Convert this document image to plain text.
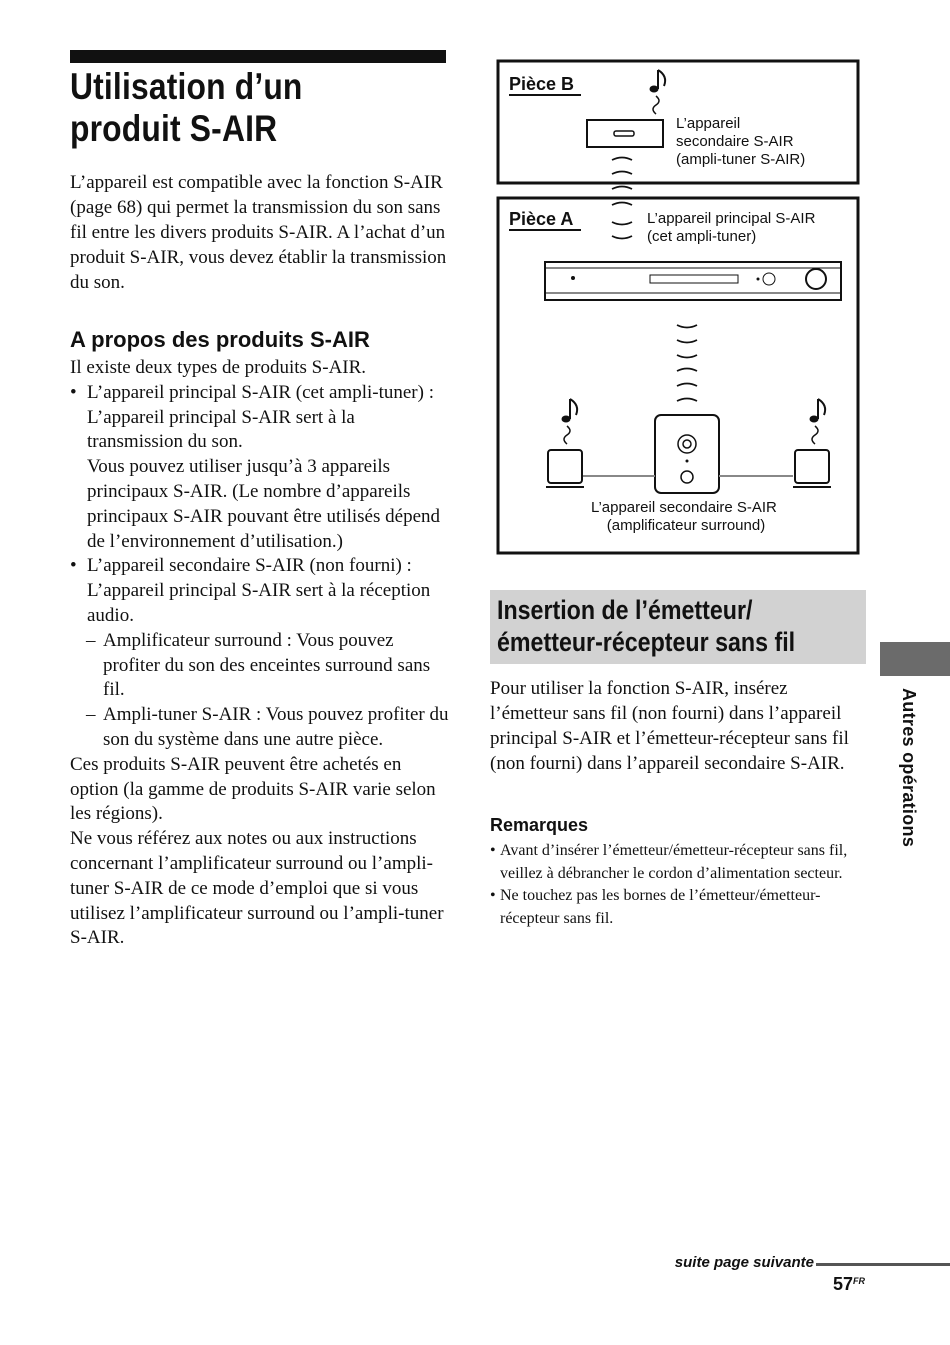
Utilisation d’un produit S-AIR

L’appareil est compatible avec la fonction S-AIR (page 68) qui permet la transmission du son sans fil entre les divers produits S-AIR. A l’achat d’un produit S-AIR, vous devez établir la transmission du son.

A propos des produits S-AIR

Il existe deux types de produits S-AIR.

• L’appareil principal S-AIR (cet ampli-tuner) :
L’appareil principal S-AIR sert à la transmission du son.
Vous pouvez utiliser jusqu’à 3 appareils principaux S-AIR. (Le nombre d’appareils principaux S-AIR pouvant être utilisés dépend de l’environnement d’utilisation.)
• L’appareil secondaire S-AIR (non fourni) :
L’appareil principal S-AIR sert à la réception audio.
– Amplificateur surround : Vous pouvez profiter du son des enceintes surround sans fil.
– Ampli-tuner S-AIR : Vous pouvez profiter du son du système dans une autre pièce.

Ces produits S-AIR peuvent être achetés en option (la gamme de produits S-AIR varie selon les régions).

Ne vous référez aux notes ou aux instructions concernant l’amplificateur surround ou l’ampli-tuner S-AIR de ce mode d’emploi que si vous utilisez l’amplificateur surround ou l’ampli-tuner S-AIR.

Pièce B
L’appareil secondaire S-AIR (ampli-tuner S-AIR)
Pièce A	L’appareil principal S-AIR (cet ampli-tuner)
L’appareil secondaire S-AIR (amplificateur surround)
Insertion de l’émetteur/
émetteur-récepteur sans fil

Pour utiliser la fonction S-AIR, insérez l’émetteur sans fil (non fourni) dans l’appareil principal S-AIR et l’émetteur-récepteur sans fil (non fourni) dans l’appareil secondaire S-AIR.

Remarques
• Avant d’insérer l’émetteur/émetteur-récepteur sans fil, veillez à débrancher le cordon d’alimentation secteur.
• Ne touchez pas les bornes de l’émetteur/émetteur-récepteur sans fil.
Autres opérations
suite page suivante
$57^{FR}$
